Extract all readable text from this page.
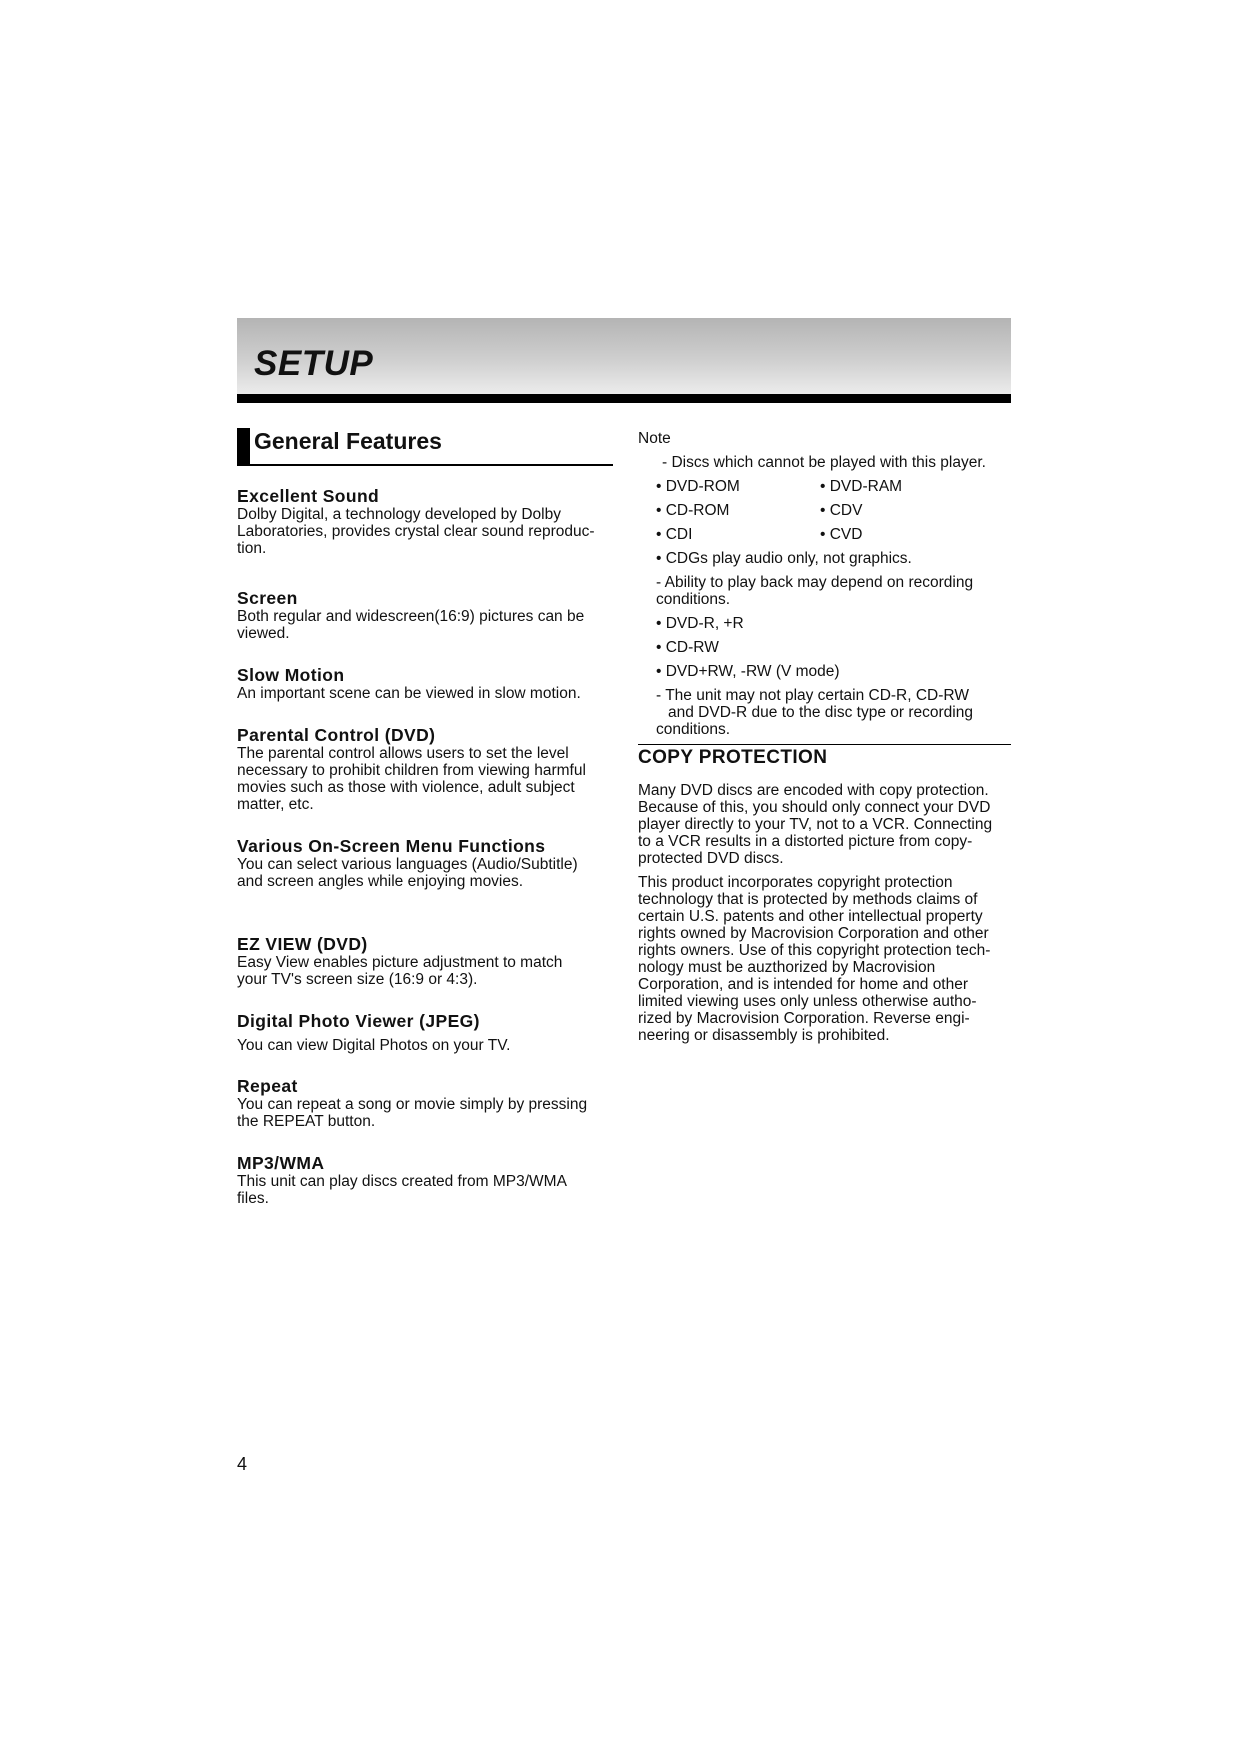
SETUP
General Features

Excellent Sound

Dolby Digital, a technology developed by Dolby

Laboratories, provides crystal clear sound reproduc-

tion.

Screen

Both regular and widescreen(16:9) pictures can be

viewed.

Slow Motion

An important scene can be viewed in slow motion.

Parental Control (DVD)

The parental control allows users to set the level

necessary to prohibit children from viewing harmful

movies such as those with violence, adult subject

matter, etc.

Various On-Screen Menu Functions

You can select various languages (Audio/Subtitle)

and screen angles while enjoying movies.

EZ VIEW (DVD)

Easy View enables picture adjustment to match

your TV's screen size (16:9 or 4:3).

Digital Photo Viewer (JPEG)

You can view Digital Photos on your TV.

Repeat

You can repeat a song or movie simply by pressing

the REPEAT button.

MP3/WMA

This unit can play discs created from MP3/WMA

files.

Note

- Discs which cannot be played with this player.
• DVD-ROM	• DVD-RAM
• CD-ROM	• CDV
• CDI	• CVD
• CDGs play audio only, not graphics.
- Ability to play back may depend on recording
conditions.
• DVD-R, +R
• CD-RW
• DVD+RW, -RW (V mode)
- The unit may not play certain CD-R, CD-RW
and DVD-R due to the disc type or recording
conditions.
COPY PROTECTION

Many DVD discs are encoded with copy protection.

Because of this, you should only connect your DVD

player directly to your TV, not to a VCR. Connecting

to a VCR results in a distorted picture from copy-

protected DVD discs.

This product incorporates copyright protection

technology that is protected by methods claims of

certain U.S. patents and other intellectual property

rights owned by Macrovision Corporation and other

rights owners. Use of this copyright protection tech-

nology must be auzthorized by Macrovision

Corporation, and is intended for home and other

limited viewing uses only unless otherwise autho-

rized by Macrovision Corporation. Reverse engi-

neering or disassembly is prohibited.

4
